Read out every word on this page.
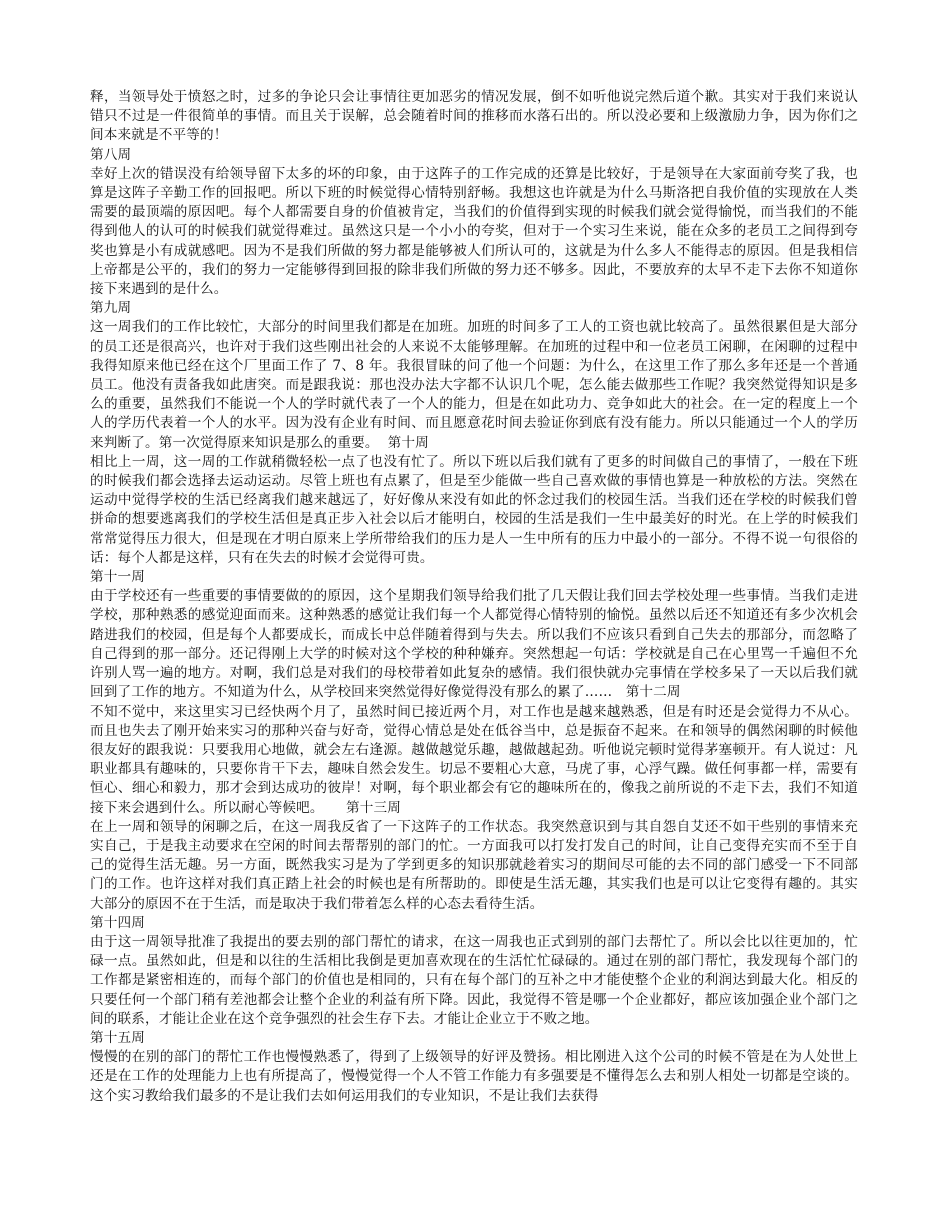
释，当领导处于愤怒之时，过多的争论只会让事情往更加恶劣的情况发展，倒不如听他说完然后道个歉。其实对于我们来说认错只不过是一件很简单的事情。而且关于误解，总会随着时间的推移而水落石出的。所以没必要和上级激励力争，因为你们之间本来就是不平等的！

第八周

幸好上次的错误没有给领导留下太多的坏的印象，由于这阵子的工作完成的还算是比较好，于是领导在大家面前夸奖了我，也算是这阵子辛勤工作的回报吧。所以下班的时候觉得心情特别舒畅。我想这也许就是为什么马斯洛把自我价值的实现放在人类需要的最顶端的原因吧。每个人都需要自身的价值被肯定，当我们的价值得到实现的时候我们就会觉得愉悦，而当我们的不能得到他人的认可的时候我们就觉得难过。虽然这只是一个小小的夸奖，但对于一个实习生来说，能在众多的老员工之间得到夸奖也算是小有成就感吧。因为不是我们所做的努力都是能够被人们所认可的，这就是为什么多人不能得志的原因。但是我相信上帝都是公平的，我们的努力一定能够得到回报的除非我们所做的努力还不够多。因此，不要放弃的太早不走下去你不知道你接下来遇到的是什么。

第九周

这一周我们的工作比较忙，大部分的时间里我们都是在加班。加班的时间多了工人的工资也就比较高了。虽然很累但是大部分的员工还是很高兴，也许对于我们这些刚出社会的人来说不太能够理解。在加班的过程中和一位老员工闲聊，在闲聊的过程中我得知原来他已经在这个厂里面工作了 7、8 年。我很冒昧的问了他一个问题：为什么，在这里工作了那么多年还是一个普通员工。他没有责备我如此唐突。而是跟我说：那也没办法大字都不认识几个呢，怎么能去做那些工作呢？我突然觉得知识是多么的重要，虽然我们不能说一个人的学时就代表了一个人的能力，但是在如此功力、竞争如此大的社会。在一定的程度上一个人的学历代表着一个人的水平。因为没有企业有时间、而且愿意花时间去验证你到底有没有能力。所以只能通过一个人的学历来判断了。第一次觉得原来知识是那么的重要。 第十周

相比上一周，这一周的工作就稍微轻松一点了也没有忙了。所以下班以后我们就有了更多的时间做自己的事情了，一般在下班的时候我们都会选择去运动运动。尽管上班也有点累了，但是至少能做一些自己喜欢做的事情也算是一种放松的方法。突然在运动中觉得学校的生活已经离我们越来越远了，好好像从来没有如此的怀念过我们的校园生活。当我们还在学校的时候我们曾拼命的想要逃离我们的学校生活但是真正步入社会以后才能明白，校园的生活是我们一生中最美好的时光。在上学的时候我们常常觉得压力很大，但是现在才明白原来上学所带给我们的压力是人一生中所有的压力中最小的一部分。不得不说一句很俗的话：每个人都是这样，只有在失去的时候才会觉得可贵。

第十一周

由于学校还有一些重要的事情要做的的原因，这个星期我们领导给我们批了几天假让我们回去学校处理一些事情。当我们走进学校，那种熟悉的感觉迎面而来。这种熟悉的感觉让我们每一个人都觉得心情特别的愉悦。虽然以后还不知道还有多少次机会踏进我们的校园，但是每个人都要成长，而成长中总伴随着得到与失去。所以我们不应该只看到自己失去的那部分，而忽略了自己得到的那一部分。还记得刚上大学的时候对这个学校的种种嫌弃。突然想起一句话：学校就是自己在心里骂一千遍但不允许别人骂一遍的地方。对啊，我们总是对我们的母校带着如此复杂的感情。我们很快就办完事情在学校多呆了一天以后我们就回到了工作的地方。不知道为什么，从学校回来突然觉得好像觉得没有那么的累了…… 第十二周

不知不觉中，来这里实习已经快两个月了，虽然时间已接近两个月，对工作也是越来越熟悉，但是有时还是会觉得力不从心。而且也失去了刚开始来实习的那种兴奋与好奇，觉得心情总是处在低谷当中，总是振奋不起来。在和领导的偶然闲聊的时候他很友好的跟我说：只要我用心地做，就会左右逢源。越做越觉乐趣，越做越起劲。听他说完顿时觉得茅塞顿开。有人说过：凡职业都具有趣味的，只要你肯干下去，趣味自然会发生。切忌不要粗心大意，马虎了事，心浮气躁。做任何事都一样，需要有恒心、细心和毅力，那才会到达成功的彼岸！对啊，每个职业都会有它的趣味所在的，像我之前所说的不走下去，我们不知道接下来会遇到什么。所以耐心等候吧。 第十三周

在上一周和领导的闲聊之后，在这一周我反省了一下这阵子的工作状态。我突然意识到与其自怨自艾还不如干些别的事情来充实自己，于是我主动要求在空闲的时间去帮帮别的部门的忙。一方面我可以打发打发自己的时间，让自己变得充实而不至于自己的觉得生活无趣。另一方面，既然我实习是为了学到更多的知识那就趁着实习的期间尽可能的去不同的部门感受一下不同部门的工作。也许这样对我们真正踏上社会的时候也是有所帮助的。即使是生活无趣，其实我们也是可以让它变得有趣的。其实大部分的原因不在于生活，而是取决于我们带着怎么样的心态去看待生活。

第十四周

由于这一周领导批准了我提出的要去别的部门帮忙的请求，在这一周我也正式到别的部门去帮忙了。所以会比以往更加的，忙碌一点。虽然如此，但是和以往的生活相比我倒是更加喜欢现在的生活忙忙碌碌的。通过在别的部门帮忙，我发现每个部门的工作都是紧密相连的，而每个部门的价值也是相同的，只有在每个部门的互补之中才能使整个企业的利润达到最大化。相反的只要任何一个部门稍有差池都会让整个企业的利益有所下降。因此，我觉得不管是哪一个企业都好，都应该加强企业个部门之间的联系，才能让企业在这个竞争强烈的社会生存下去。才能让企业立于不败之地。

第十五周

慢慢的在别的部门的帮忙工作也慢慢熟悉了，得到了上级领导的好评及赞扬。相比刚进入这个公司的时候不管是在为人处世上还是在工作的处理能力上也有所提高了，慢慢觉得一个人不管工作能力有多强要是不懂得怎么去和别人相处一切都是空谈的。这个实习教给我们最多的不是让我们去如何运用我们的专业知识，不是让我们去获得
